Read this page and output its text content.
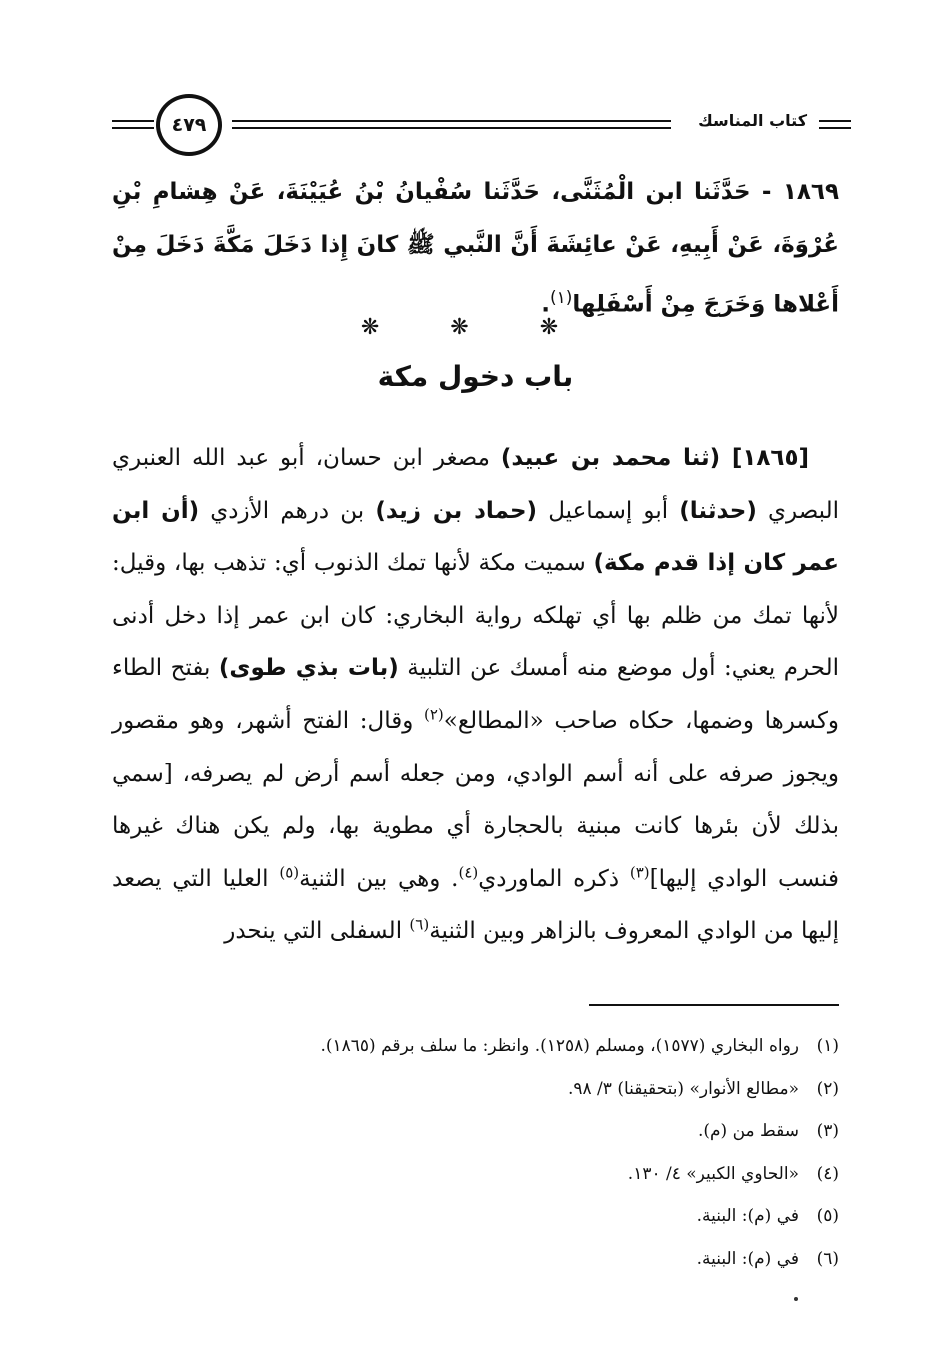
٤٧٩	كتاب المناسك
١٨٦٩ - حَدَّثَنا ابن الْمُثَنَّى، حَدَّثَنا سُفْيانُ بْنُ عُيَيْنَةَ، عَنْ هِشامِ بْنِ عُرْوَةَ، عَنْ أَبِيهِ، عَنْ عائِشَةَ أَنَّ النَّبي ﷺ كانَ إِذا دَخَلَ مَكَّةَ دَخَلَ مِنْ أَعْلاها وَخَرَجَ مِنْ أَسْفَلِها$^{(١)}$.
❋ ❋ ❋
باب دخول مكة

[١٨٦٥] (ثنا محمد بن عبيد) مصغر ابن حسان، أبو عبد الله العنبري البصري (حدثنا) أبو إسماعيل (حماد بن زيد) بن درهم الأزدي (أن ابن عمر كان إذا قدم مكة) سميت مكة لأنها تمك الذنوب أي: تذهب بها، وقيل: لأنها تمك من ظلم بها أي تهلكه رواية البخاري: كان ابن عمر إذا دخل أدنى الحرم يعني: أول موضع منه أمسك عن التلبية (بات بذي طوى) بفتح الطاء وكسرها وضمها، حكاه صاحب «المطالع»$^{(٢)}$ وقال: الفتح أشهر، وهو مقصور ويجوز صرفه على أنه أسم الوادي، ومن جعله أسم أرض لم يصرفه، [سمي بذلك لأن بئرها كانت مبنية بالحجارة أي مطوية بها، ولم يكن هناك غيرها فنسب الوادي إليها]$^{(٣)}$ ذكره الماوردي$^{(٤)}$. وهي بين الثنية$^{(٥)}$ العليا التي يصعد إليها من الوادي المعروف بالزاهر وبين الثنية$^{(٦)}$ السفلى التي ينحدر

(١)
رواه البخاري (١٥٧٧)، ومسلم (١٢٥٨). وانظر: ما سلف برقم (١٨٦٥).
(٢)
«مطالع الأنوار» (بتحقيقنا) ٣/ ٩٨.
(٣)
سقط من (م).
(٤)
«الحاوي الكبير» ٤/ ١٣٠.
(٥)
في (م): البنية.
(٦)
في (م): البنية.
